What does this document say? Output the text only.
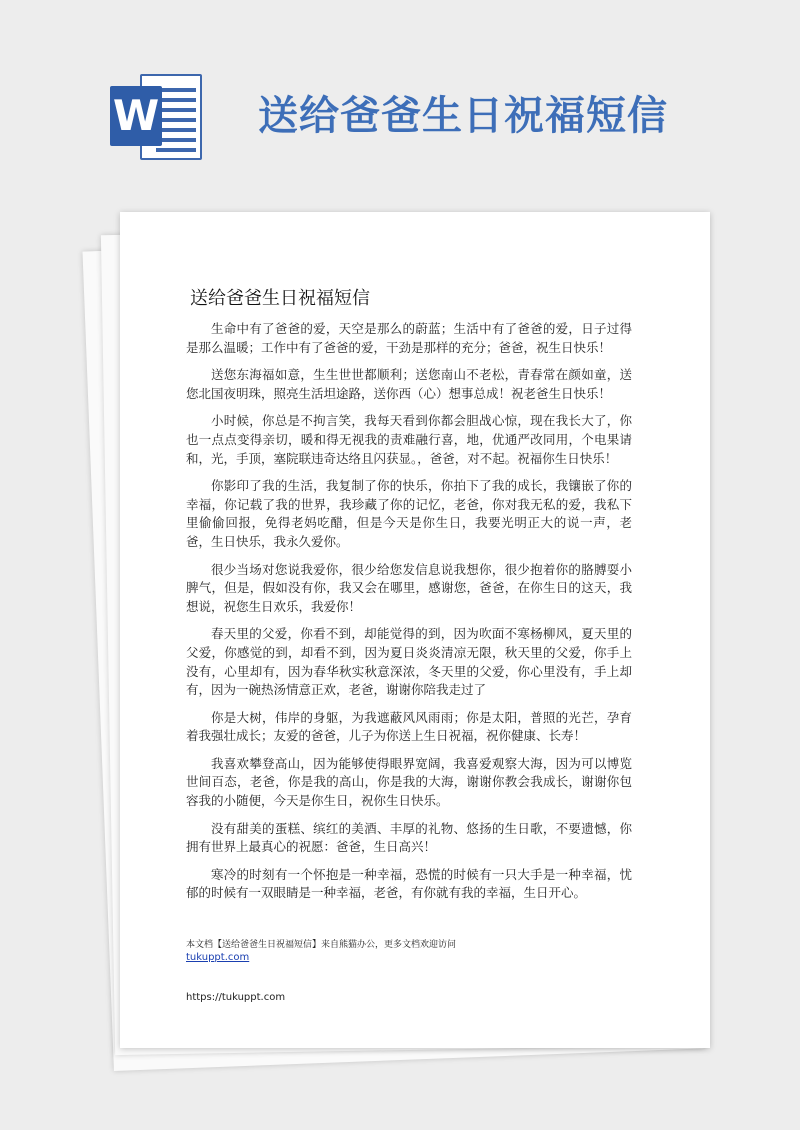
W 送给爸爸生日祝福短信
送给爸爸生日祝福短信

生命中有了爸爸的爱，天空是那么的蔚蓝；生活中有了爸爸的爱，日子过得是那么温暖；工作中有了爸爸的爱，干劲是那样的充分；爸爸，祝生日快乐！

送您东海福如意，生生世世都顺利；送您南山不老松，青春常在颜如童，送您北国夜明珠，照亮生活坦途路，送你西（心）想事总成！祝老爸生日快乐！

小时候，你总是不拘言笑，我每天看到你都会胆战心惊，现在我长大了，你也一点点变得亲切，暖和得无视我的责难融行喜，地，优通严改同用，个电果请和，光，手顶，塞院联违奇达络且闪获显。，爸爸，对不起。祝福你生日快乐！

你影印了我的生活，我复制了你的快乐，你拍下了我的成长，我镶嵌了你的幸福，你记载了我的世界，我珍藏了你的记忆，老爸，你对我无私的爱，我私下里偷偷回报，免得老妈吃醋，但是今天是你生日，我要光明正大的说一声，老爸，生日快乐，我永久爱你。

很少当场对您说我爱你，很少给您发信息说我想你，很少抱着你的胳膊耍小脾气，但是，假如没有你，我又会在哪里，感谢您，爸爸，在你生日的这天，我想说，祝您生日欢乐，我爱你！

春天里的父爱，你看不到，却能觉得的到，因为吹面不寒杨柳风，夏天里的父爱，你感觉的到，却看不到，因为夏日炎炎清凉无限，秋天里的父爱，你手上没有，心里却有，因为春华秋实秋意深浓，冬天里的父爱，你心里没有，手上却有，因为一碗热汤情意正欢，老爸，谢谢你陪我走过了

你是大树，伟岸的身躯，为我遮蔽风风雨雨；你是太阳，普照的光芒，孕育着我强壮成长；友爱的爸爸，儿子为你送上生日祝福，祝你健康、长寿！

我喜欢攀登高山，因为能够使得眼界宽阔，我喜爱观察大海，因为可以博览世间百态，老爸，你是我的高山，你是我的大海，谢谢你教会我成长，谢谢你包容我的小随便，今天是你生日，祝你生日快乐。

没有甜美的蛋糕、缤红的美酒、丰厚的礼物、悠扬的生日歌，不要遗憾，你拥有世界上最真心的祝愿：爸爸，生日高兴！

寒冷的时刻有一个怀抱是一种幸福，恐慌的时候有一只大手是一种幸福，忧郁的时候有一双眼睛是一种幸福，老爸，有你就有我的幸福，生日开心。

本文档【送给爸爸生日祝福短信】来自熊猫办公，更多文档欢迎访问
tukuppt.com
https://tukuppt.com
